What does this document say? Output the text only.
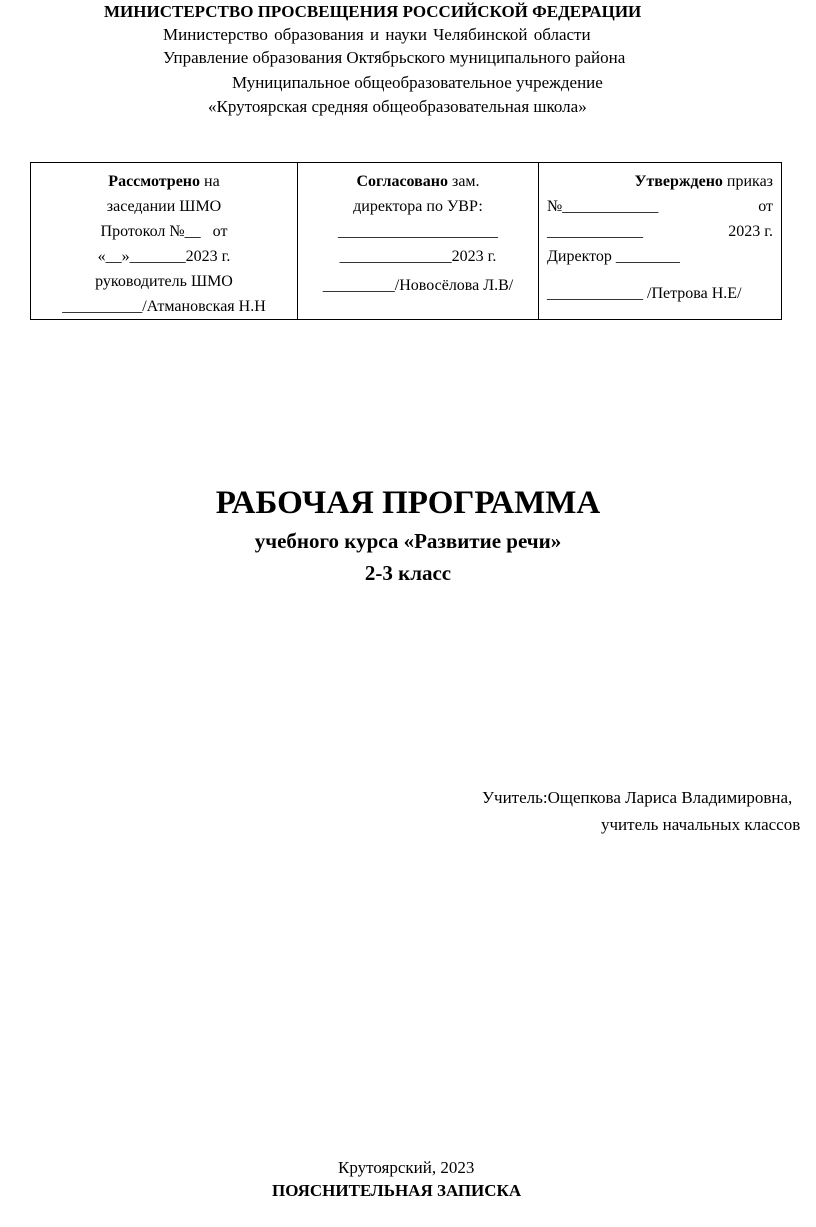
МИНИСТЕРСТВО ПРОСВЕЩЕНИЯ РОССИЙСКОЙ ФЕДЕРАЦИИ
Министерство образования и науки Челябинской области
Управление образования Октябрьского муниципального района
Муниципальное общеобразовательное учреждение
«Крутоярская средняя общеобразовательная школа»
Рассмотрено на
заседании ШМО
Протокол №__ от
«__»_______2023 г.
руководитель ШМО
__________/Атмановская Н.Н

Согласовано зам.
директора по УВР:
____________________
______________2023 г.
_________/Новосёлова Л.В/

Утверждено приказ
№____________	от
____________	2023 г.
Директор ________
____________ /Петрова Н.Е/
РАБОЧАЯ ПРОГРАММА
учебного курса «Развитие речи»
2-3 класс
Учитель:Ощепкова Лариса Владимировна,
учитель начальных классов
Крутоярский, 2023
ПОЯСНИТЕЛЬНАЯ ЗАПИСКА
